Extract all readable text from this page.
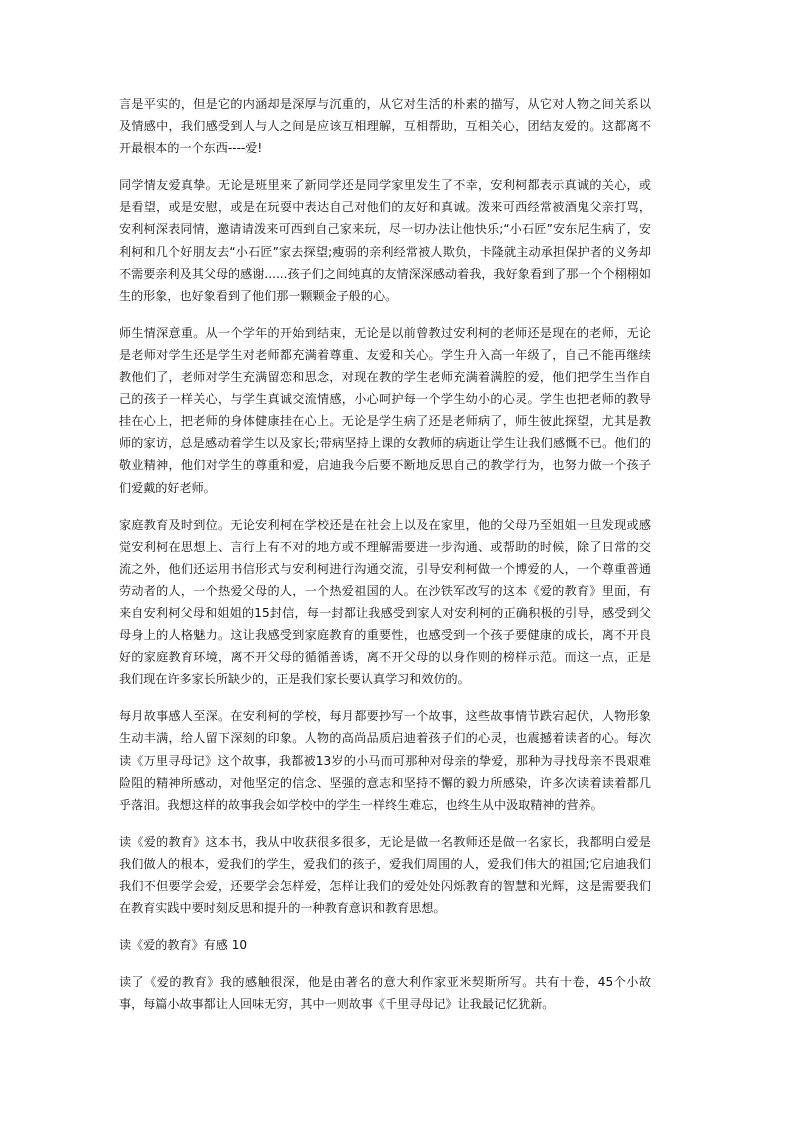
言是平实的，但是它的内涵却是深厚与沉重的，从它对生活的朴素的描写，从它对人物之间关系以及情感中，我们感受到人与人之间是应该互相理解，互相帮助，互相关心，团结友爱的。这都离不开最根本的一个东西----爱!

同学情友爱真挚。无论是班里来了新同学还是同学家里发生了不幸，安利柯都表示真诚的关心，或是看望，或是安慰，或是在玩耍中表达自己对他们的友好和真诚。泼来可西经常被酒鬼父亲打骂，安利柯深表同情，邀请请泼来可西到自己家来玩，尽一切办法让他快乐;“小石匠”安东尼生病了，安利柯和几个好朋友去“小石匠”家去探望;瘦弱的亲利经常被人欺负，卡隆就主动承担保护者的义务却不需要亲利及其父母的感谢......孩子们之间纯真的友情深深感动着我，我好象看到了那一个个栩栩如生的形象，也好象看到了他们那一颗颗金子般的心。

师生情深意重。从一个学年的开始到结束，无论是以前曾教过安利柯的老师还是现在的老师，无论是老师对学生还是学生对老师都充满着尊重、友爱和关心。学生升入高一年级了，自己不能再继续教他们了，老师对学生充满留恋和思念，对现在教的学生老师充满着满腔的爱，他们把学生当作自己的孩子一样关心，与学生真诚交流情感，小心呵护每一个学生幼小的心灵。学生也把老师的教导挂在心上，把老师的身体健康挂在心上。无论是学生病了还是老师病了，师生彼此探望，尤其是教师的家访，总是感动着学生以及家长;带病坚持上课的女教师的病逝让学生让我们感慨不已。他们的敬业精神，他们对学生的尊重和爱，启迪我今后要不断地反思自己的教学行为，也努力做一个孩子们爱戴的好老师。

家庭教育及时到位。无论安利柯在学校还是在社会上以及在家里，他的父母乃至姐姐一旦发现或感觉安利柯在思想上、言行上有不对的地方或不理解需要进一步沟通、或帮助的时候，除了日常的交流之外，他们还运用书信形式与安利柯进行沟通交流，引导安利柯做一个博爱的人，一个尊重普通劳动者的人，一个热爱父母的人，一个热爱祖国的人。在沙铁军改写的这本《爱的教育》里面，有来自安利柯父母和姐姐的15封信，每一封都让我感受到家人对安利柯的正确积极的引导，感受到父母身上的人格魅力。这让我感受到家庭教育的重要性，也感受到一个孩子要健康的成长，离不开良好的家庭教育环境，离不开父母的循循善诱，离不开父母的以身作则的榜样示范。而这一点，正是我们现在许多家长所缺少的，正是我们家长要认真学习和效仿的。

每月故事感人至深。在安利柯的学校，每月都要抄写一个故事，这些故事情节跌宕起伏，人物形象生动丰满，给人留下深刻的印象。人物的高尚品质启迪着孩子们的心灵，也震撼着读者的心。每次读《万里寻母记》这个故事，我都被13岁的小马而可那种对母亲的挚爱，那种为寻找母亲不畏艰难险阻的精神所感动，对他坚定的信念、坚强的意志和坚持不懈的毅力所感染，许多次读着读着都几乎落泪。我想这样的故事我会如学校中的学生一样终生难忘，也终生从中汲取精神的营养。

读《爱的教育》这本书，我从中收获很多很多，无论是做一名教师还是做一名家长，我都明白爱是我们做人的根本，爱我们的学生，爱我们的孩子，爱我们周围的人，爱我们伟大的祖国;它启迪我们我们不但要学会爱，还要学会怎样爱，怎样让我们的爱处处闪烁教育的智慧和光辉，这是需要我们在教育实践中要时刻反思和提升的一种教育意识和教育思想。

读《爱的教育》有感 10

读了《爱的教育》我的感触很深，他是由著名的意大利作家亚米契斯所写。共有十卷，45个小故事，每篇小故事都让人回味无穷，其中一则故事《千里寻母记》让我最记忆犹新。
